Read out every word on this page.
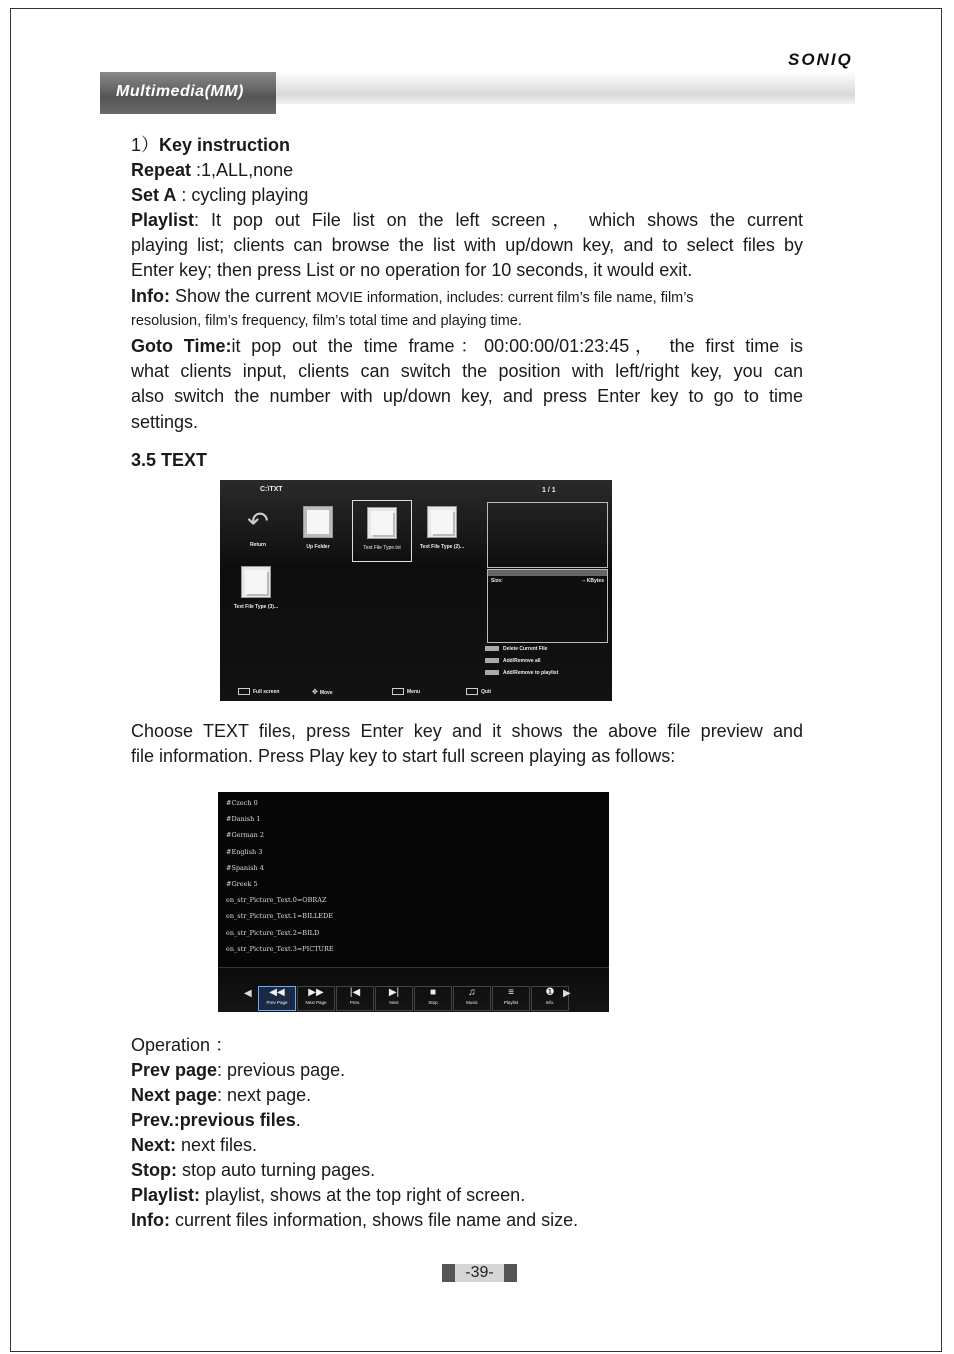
SONIQ
Multimedia(MM)
1）Key instruction
Repeat :1,ALL,none
Set A : cycling playing
Playlist: It pop out File list on the left screen， which shows the current
playing list; clients can browse the list with up/down key, and to select files by
Enter key; then press List or no operation for 10 seconds, it would exit.
Info: Show the current MOVIE information, includes: current film’s file name, film’s
resolusion, film’s frequency, film’s total time and playing time.
Goto Time:it pop out the time frame：00:00:00/01:23:45， the first time is
what clients input, clients can switch the position with left/right key, you can
also switch the number with up/down key, and press Enter key to go to time
settings.
3.5 TEXT
C:\TXT	1 / 1
↶
Return	Up Folder	Text File Type.txt	Text File Type (2)...
Text File Type (3)...
Size:	-- KBytes
Delete Current File
Add/Remove all
Add/Remove to playlist
Full screen	✥ Move	Menu	Quit
Choose TEXT files, press Enter key and it shows the above file preview and
file information. Press Play key to start full screen playing as follows:
#Czech 0
#Danish 1
#German 2
#English 3
#Spanish 4
#Greek 5
en_str_Picture_Text.0=OBRAZ
en_str_Picture_Text.1=BILLEDE
en_str_Picture_Text.2=BILD
en_str_Picture_Text.3=PICTURE
◀	◀◀
Prev Page
▶▶
Next Page
|◀
Prev.
▶|
Next
■
Stop
♫
Music
≡
Playlist
❶
Info.
▶
Operation ：
Prev page: previous page.
Next page: next page.
Prev.:previous files.
Next: next files.
Stop: stop auto turning pages.
Playlist: playlist, shows at the top right of screen.
Info: current files information, shows file name and size.
-39-
